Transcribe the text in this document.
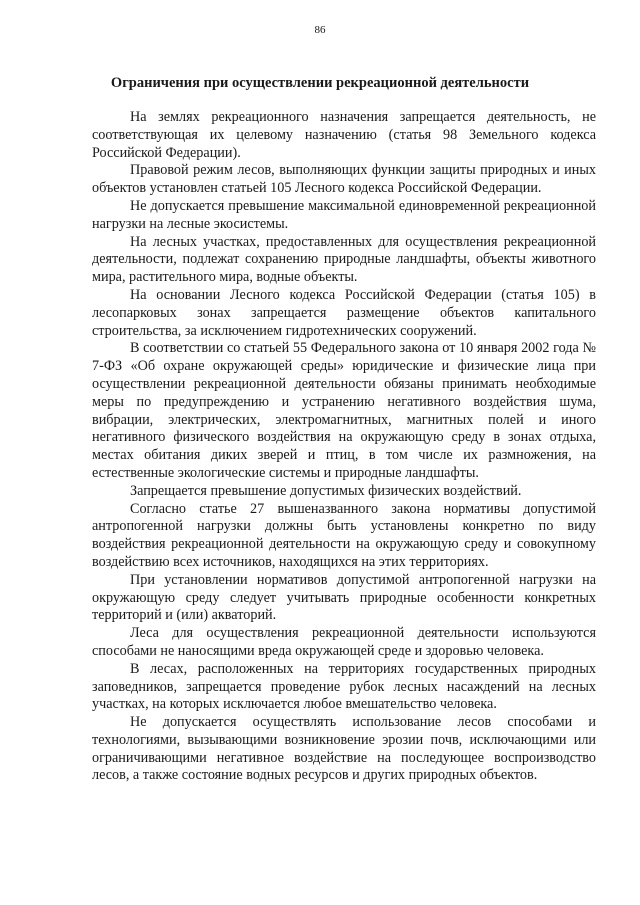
86
Ограничения при осуществлении рекреационной деятельности

На землях рекреационного назначения запрещается деятельность, не соответствующая их целевому назначению (статья 98 Земельного кодекса Российской Федерации).

Правовой режим лесов, выполняющих функции защиты природных и иных объектов установлен статьей 105 Лесного кодекса Российской Федерации.

Не допускается превышение максимальной единовременной рекреационной нагрузки на лесные экосистемы.

На лесных участках, предоставленных для осуществления рекреационной деятельности, подлежат сохранению природные ландшафты, объекты животного мира, растительного мира, водные объекты.

На основании Лесного кодекса Российской Федерации (статья 105) в лесопарковых зонах запрещается размещение объектов капитального строительства, за исключением гидротехнических сооружений.

В соответствии со статьей 55 Федерального закона от 10 января 2002 года № 7-ФЗ «Об охране окружающей среды» юридические и физические лица при осуществлении рекреационной деятельности обязаны принимать необходимые меры по предупреждению и устранению негативного воздействия шума, вибрации, электрических, электромагнитных, магнитных полей и иного негативного физического воздействия на окружающую среду в зонах отдыха, местах обитания диких зверей и птиц, в том числе их размножения, на естественные экологические системы и природные ландшафты.

Запрещается превышение допустимых физических воздействий.

Согласно статье 27 вышеназванного закона нормативы допустимой антропогенной нагрузки должны быть установлены конкретно по виду воздействия рекреационной деятельности на окружающую среду и совокупному воздействию всех источников, находящихся на этих территориях.

При установлении нормативов допустимой антропогенной нагрузки на окружающую среду следует учитывать природные особенности конкретных территорий и (или) акваторий.

Леса для осуществления рекреационной деятельности используются способами не наносящими вреда окружающей среде и здоровью человека.

В лесах, расположенных на территориях государственных природных заповедников, запрещается проведение рубок лесных насаждений на лесных участках, на которых исключается любое вмешательство человека.

Не допускается осуществлять использование лесов способами и технологиями, вызывающими возникновение эрозии почв, исключающими или ограничивающими негативное воздействие на последующее воспроизводство лесов, а также состояние водных ресурсов и других природных объектов.
